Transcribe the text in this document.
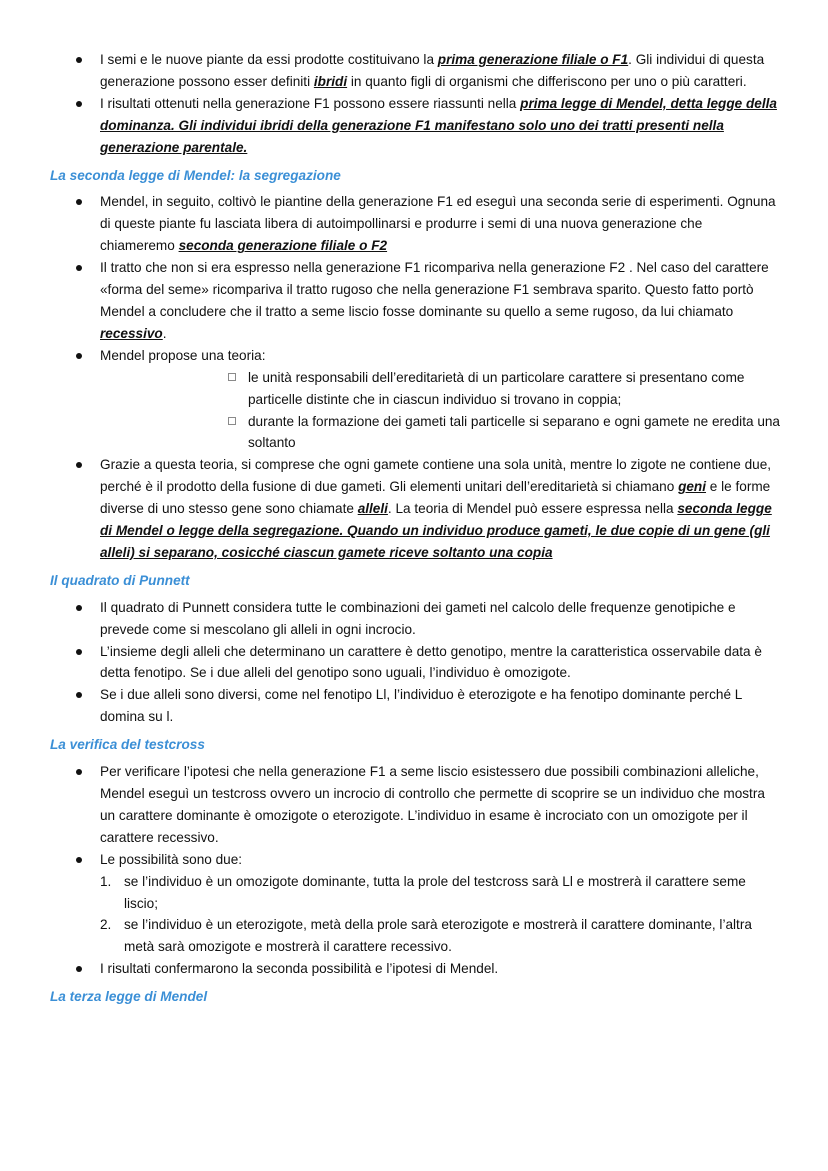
I semi e le nuove piante da essi prodotte costituivano la prima generazione filiale o F1. Gli individui di questa generazione possono esser definiti ibridi in quanto figli di organismi che differiscono per uno o più caratteri.
I risultati ottenuti nella generazione F1 possono essere riassunti nella prima legge di Mendel, detta legge della dominanza. Gli individui ibridi della generazione F1 manifestano solo uno dei tratti presenti nella generazione parentale.
La seconda legge di Mendel: la segregazione
Mendel, in seguito, coltivò le piantine della generazione F1 ed eseguì una seconda serie di esperimenti. Ognuna di queste piante fu lasciata libera di autoimpollinarsi e produrre i semi di una nuova generazione che chiameremo seconda generazione filiale o F2
Il tratto che non si era espresso nella generazione F1 ricompariva nella generazione F2 . Nel caso del carattere «forma del seme» ricompariva il tratto rugoso che nella generazione F1 sembrava sparito. Questo fatto portò Mendel a concludere che il tratto a seme liscio fosse dominante su quello a seme rugoso, da lui chiamato recessivo.
Mendel propose una teoria:
le unità responsabili dell’ereditarietà di un particolare carattere si presentano come particelle distinte che in ciascun individuo si trovano in coppia;
durante la formazione dei gameti tali particelle si separano e ogni gamete ne eredita una soltanto
Grazie a questa teoria, si comprese che ogni gamete contiene una sola unità, mentre lo zigote ne contiene due, perché è il prodotto della fusione di due gameti. Gli elementi unitari dell’ereditarietà si chiamano geni e le forme diverse di uno stesso gene sono chiamate alleli. La teoria di Mendel può essere espressa nella seconda legge di Mendel o legge della segregazione. Quando un individuo produce gameti, le due copie di un gene (gli alleli) si separano, cosicché ciascun gamete riceve soltanto una copia
Il quadrato di Punnett
Il quadrato di Punnett considera tutte le combinazioni dei gameti nel calcolo delle frequenze genotipiche e prevede come si mescolano gli alleli in ogni incrocio.
L’insieme degli alleli che determinano un carattere è detto genotipo, mentre la caratteristica osservabile data è detta fenotipo. Se i due alleli del genotipo sono uguali, l’individuo è omozigote.
Se i due alleli sono diversi, come nel fenotipo Ll, l’individuo è eterozigote e ha fenotipo dominante perché L domina su l.
La verifica del testcross
Per verificare l’ipotesi che nella generazione F1 a seme liscio esistessero due possibili combinazioni alleliche, Mendel eseguì un testcross ovvero un incrocio di controllo che permette di scoprire se un individuo che mostra un carattere dominante è omozigote o eterozigote. L’individuo in esame è incrociato con un omozigote per il carattere recessivo.
Le possibilità sono due:
1. se l’individuo è un omozigote dominante, tutta la prole del testcross sarà Ll e mostrerà il carattere seme liscio;
2. se l’individuo è un eterozigote, metà della prole sarà eterozigote e mostrerà il carattere dominante, l’altra metà sarà omozigote e mostrerà il carattere recessivo.
I risultati confermarono la seconda possibilità e l’ipotesi di Mendel.
La terza legge di Mendel
